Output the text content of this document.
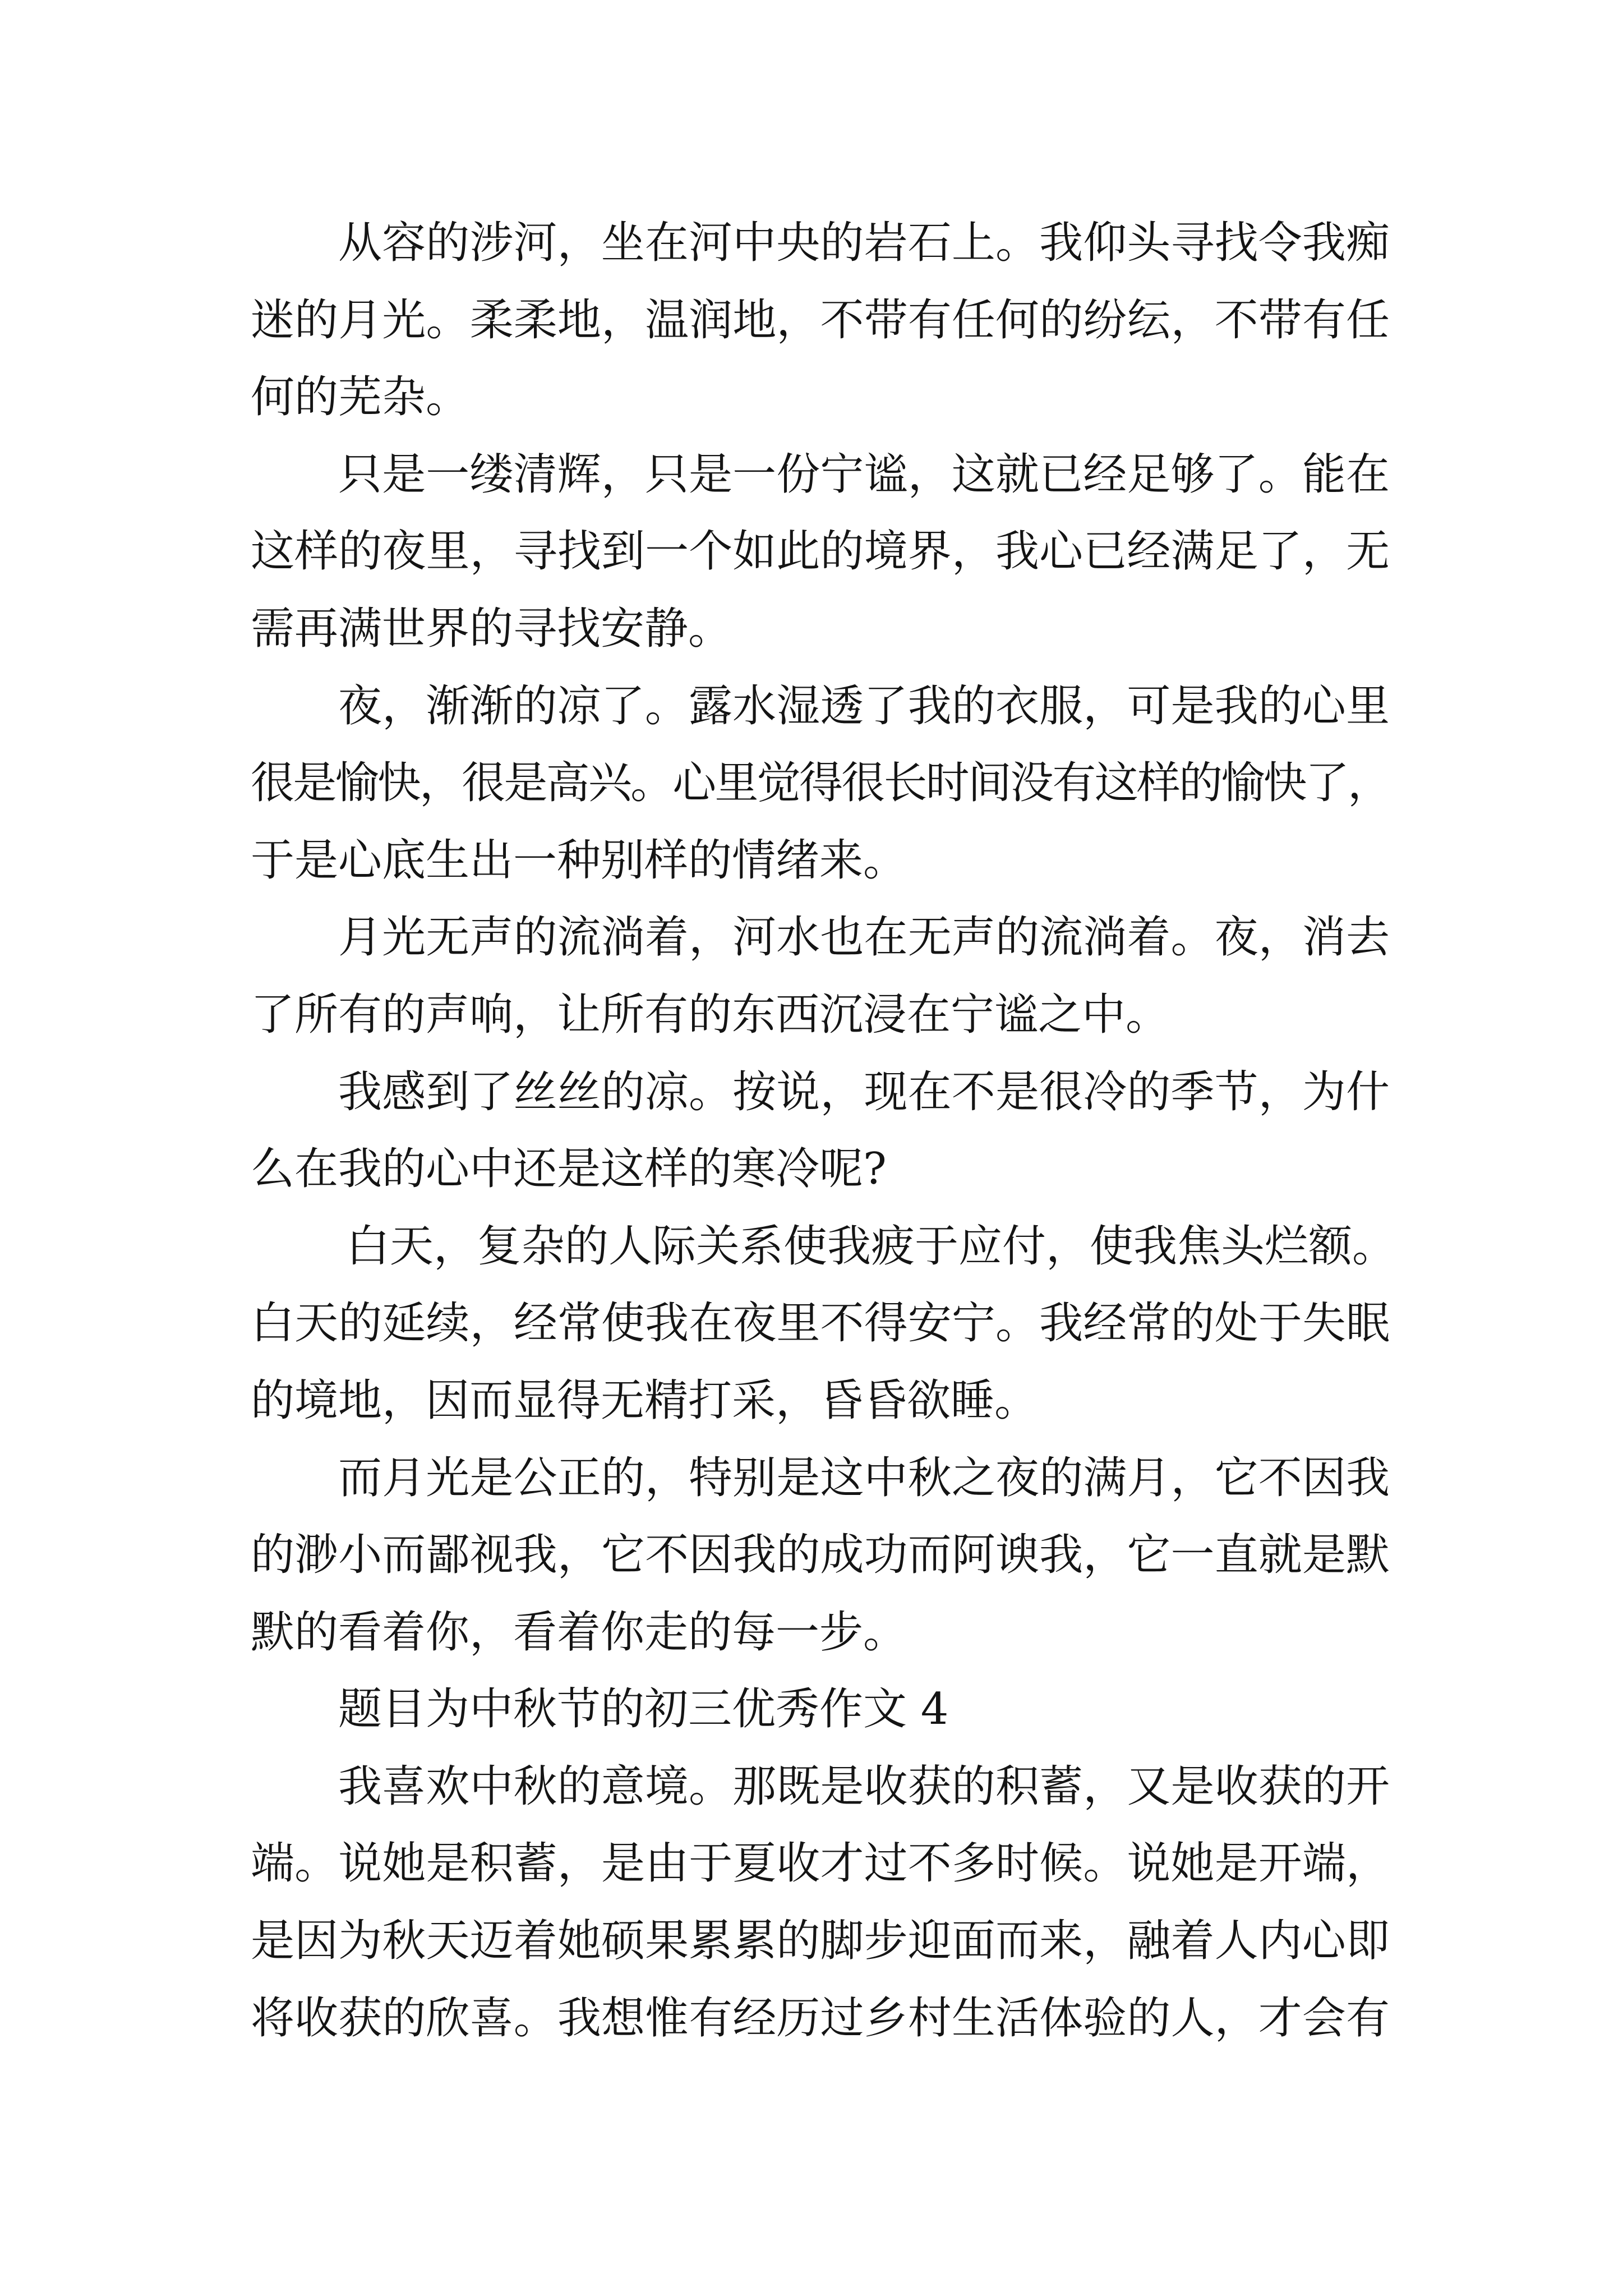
从容的涉河，坐在河中央的岩石上。我仰头寻找令我痴
迷的月光。柔柔地，温润地，不带有任何的纷纭，不带有任
何的芜杂。
只是一缕清辉，只是一份宁谧，这就已经足够了。能在
这样的夜里，寻找到一个如此的境界，我心已经满足了，无
需再满世界的寻找安静。
夜，渐渐的凉了。露水湿透了我的衣服，可是我的心里
很是愉快，很是高兴。心里觉得很长时间没有这样的愉快了，
于是心底生出一种别样的情绪来。
月光无声的流淌着，河水也在无声的流淌着。夜，消去
了所有的声响，让所有的东西沉浸在宁谧之中。
我感到了丝丝的凉。按说，现在不是很冷的季节，为什
么在我的心中还是这样的寒冷呢?
白天，复杂的人际关系使我疲于应付，使我焦头烂额。
白天的延续，经常使我在夜里不得安宁。我经常的处于失眠
的境地，因而显得无精打采，昏昏欲睡。
而月光是公正的，特别是这中秋之夜的满月，它不因我
的渺小而鄙视我，它不因我的成功而阿谀我，它一直就是默
默的看着你，看着你走的每一步。
题目为中秋节的初三优秀作文 4
我喜欢中秋的意境。那既是收获的积蓄，又是收获的开
端。说她是积蓄，是由于夏收才过不多时候。说她是开端，
是因为秋天迈着她硕果累累的脚步迎面而来，融着人内心即
将收获的欣喜。我想惟有经历过乡村生活体验的人，才会有
